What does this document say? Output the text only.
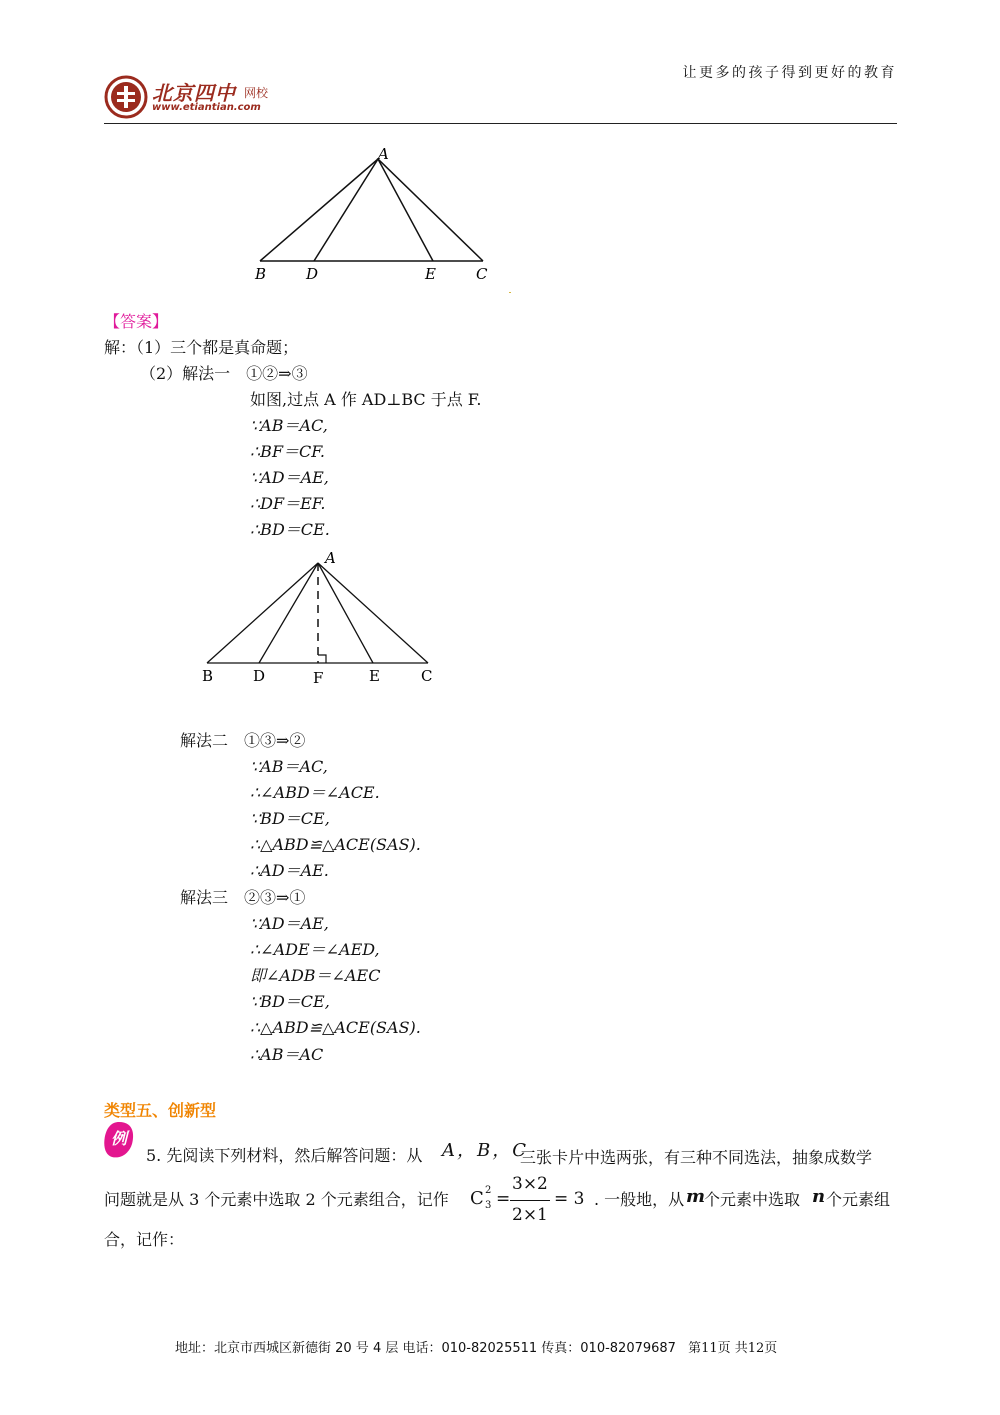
北京四中 网校
www.etiantian.com
让更多的孩子得到更好的教育
A
B	D	E	C
【答案】
解：（1）三个都是真命题；
（2）解法一　①②⇒③
如图,过点 A 作 AD⊥BC 于点 F.
∵AB＝AC,
∴BF＝CF.
∵AD＝AE,
∴DF＝EF.
∴BD＝CE.
A
B	D	F	E	C
解法二　①③⇒②
∵AB＝AC,
∴∠ABD＝∠ACE.
∵BD＝CE,
∴△ABD≌△ACE(SAS).
∴AD＝AE.
解法三　②③⇒①
∵AD＝AE,
∴∠ADE＝∠AED,
即∠ADB＝∠AEC
∵BD＝CE,
∴△ABD≌△ACE(SAS).
∴AB＝AC
类型五、创新型
例
5. 先阅读下列材料，然后解答问题：从 A，B，C
三张卡片中选两张，有三种不同选法，抽象成数学
问题就是从 3 个元素中选取 2 个元素组合，记作 C 2
3 =
3×2
2×1
= 3 . 一般地，从 m
个元素中选取 n 个元素组
合，记作：
地址：北京市西城区新德街 20 号 4 层 电话：010-82025511 传真：010-82079687 第11页 共12页
